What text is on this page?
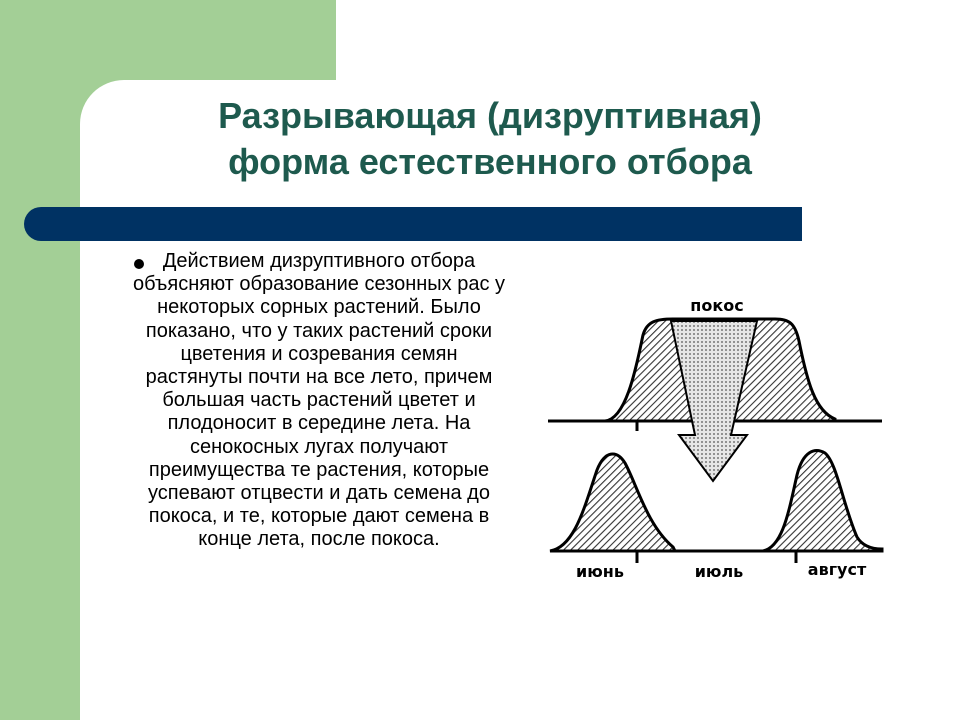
Разрывающая (дизруптивная)
форма естественного отбора
Действием дизруптивного отбора объясняют образование сезонных рас у некоторых сорных растений. Было показано, что у таких растений сроки цветения и созревания семян растянуты почти на все лето, причем большая часть растений цветет и плодоносит в середине лета. На сенокосных лугах получают преимущества те растения, которые успевают отцвести и дать семена до покоса, и те, которые дают семена в конце лета, после покоса.
покос
июнь	июль	август
